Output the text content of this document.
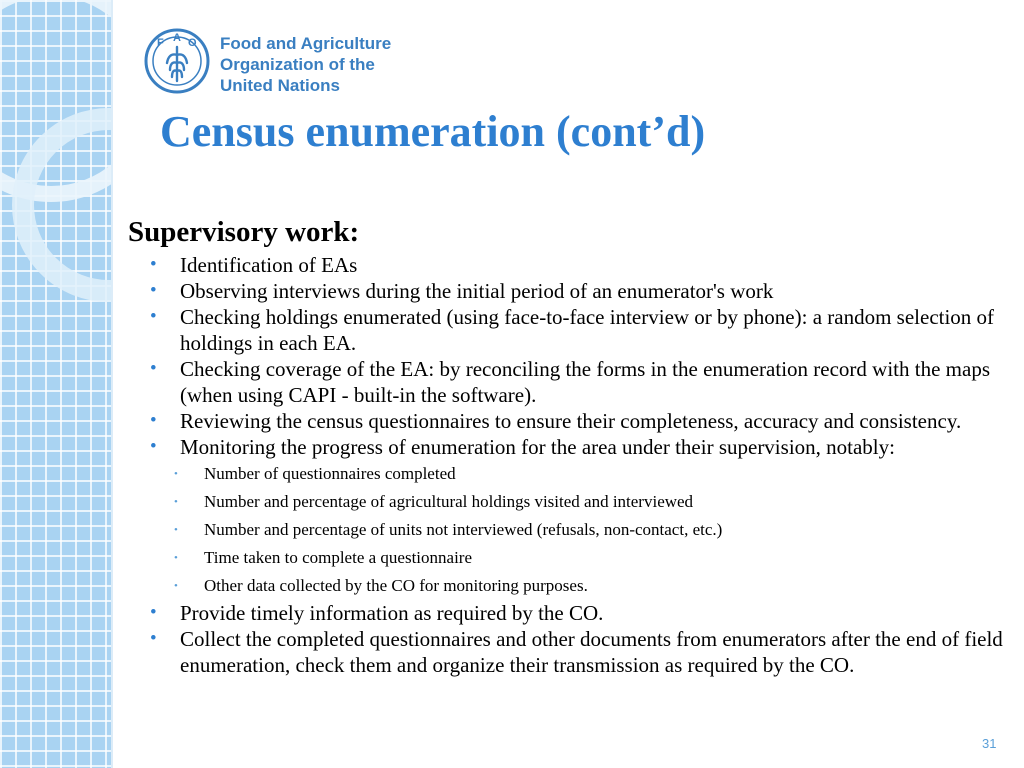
F A O Food and Agriculture
Organization of the
United Nations
Census enumeration (cont’d)
Supervisory work:
• Identification of EAs
• Observing interviews during the initial period of an enumerator's work
• Checking holdings enumerated (using face-to-face interview or by phone): a random selection of holdings in each EA.
• Checking coverage of the EA: by reconciling the forms in the enumeration record with the maps (when using CAPI - built-in the software).
• Reviewing the census questionnaires to ensure their completeness, accuracy and consistency.
• Monitoring the progress of enumeration for the area under their supervision, notably:
• Number of questionnaires completed
• Number and percentage of agricultural holdings visited and interviewed
• Number and percentage of units not interviewed (refusals, non-contact, etc.)
• Time taken to complete a questionnaire
• Other data collected by the CO for monitoring purposes.
• Provide timely information as required by the CO.
• Collect the completed questionnaires and other documents from enumerators after the end of field enumeration, check them and organize their transmission as required by the CO.
31
